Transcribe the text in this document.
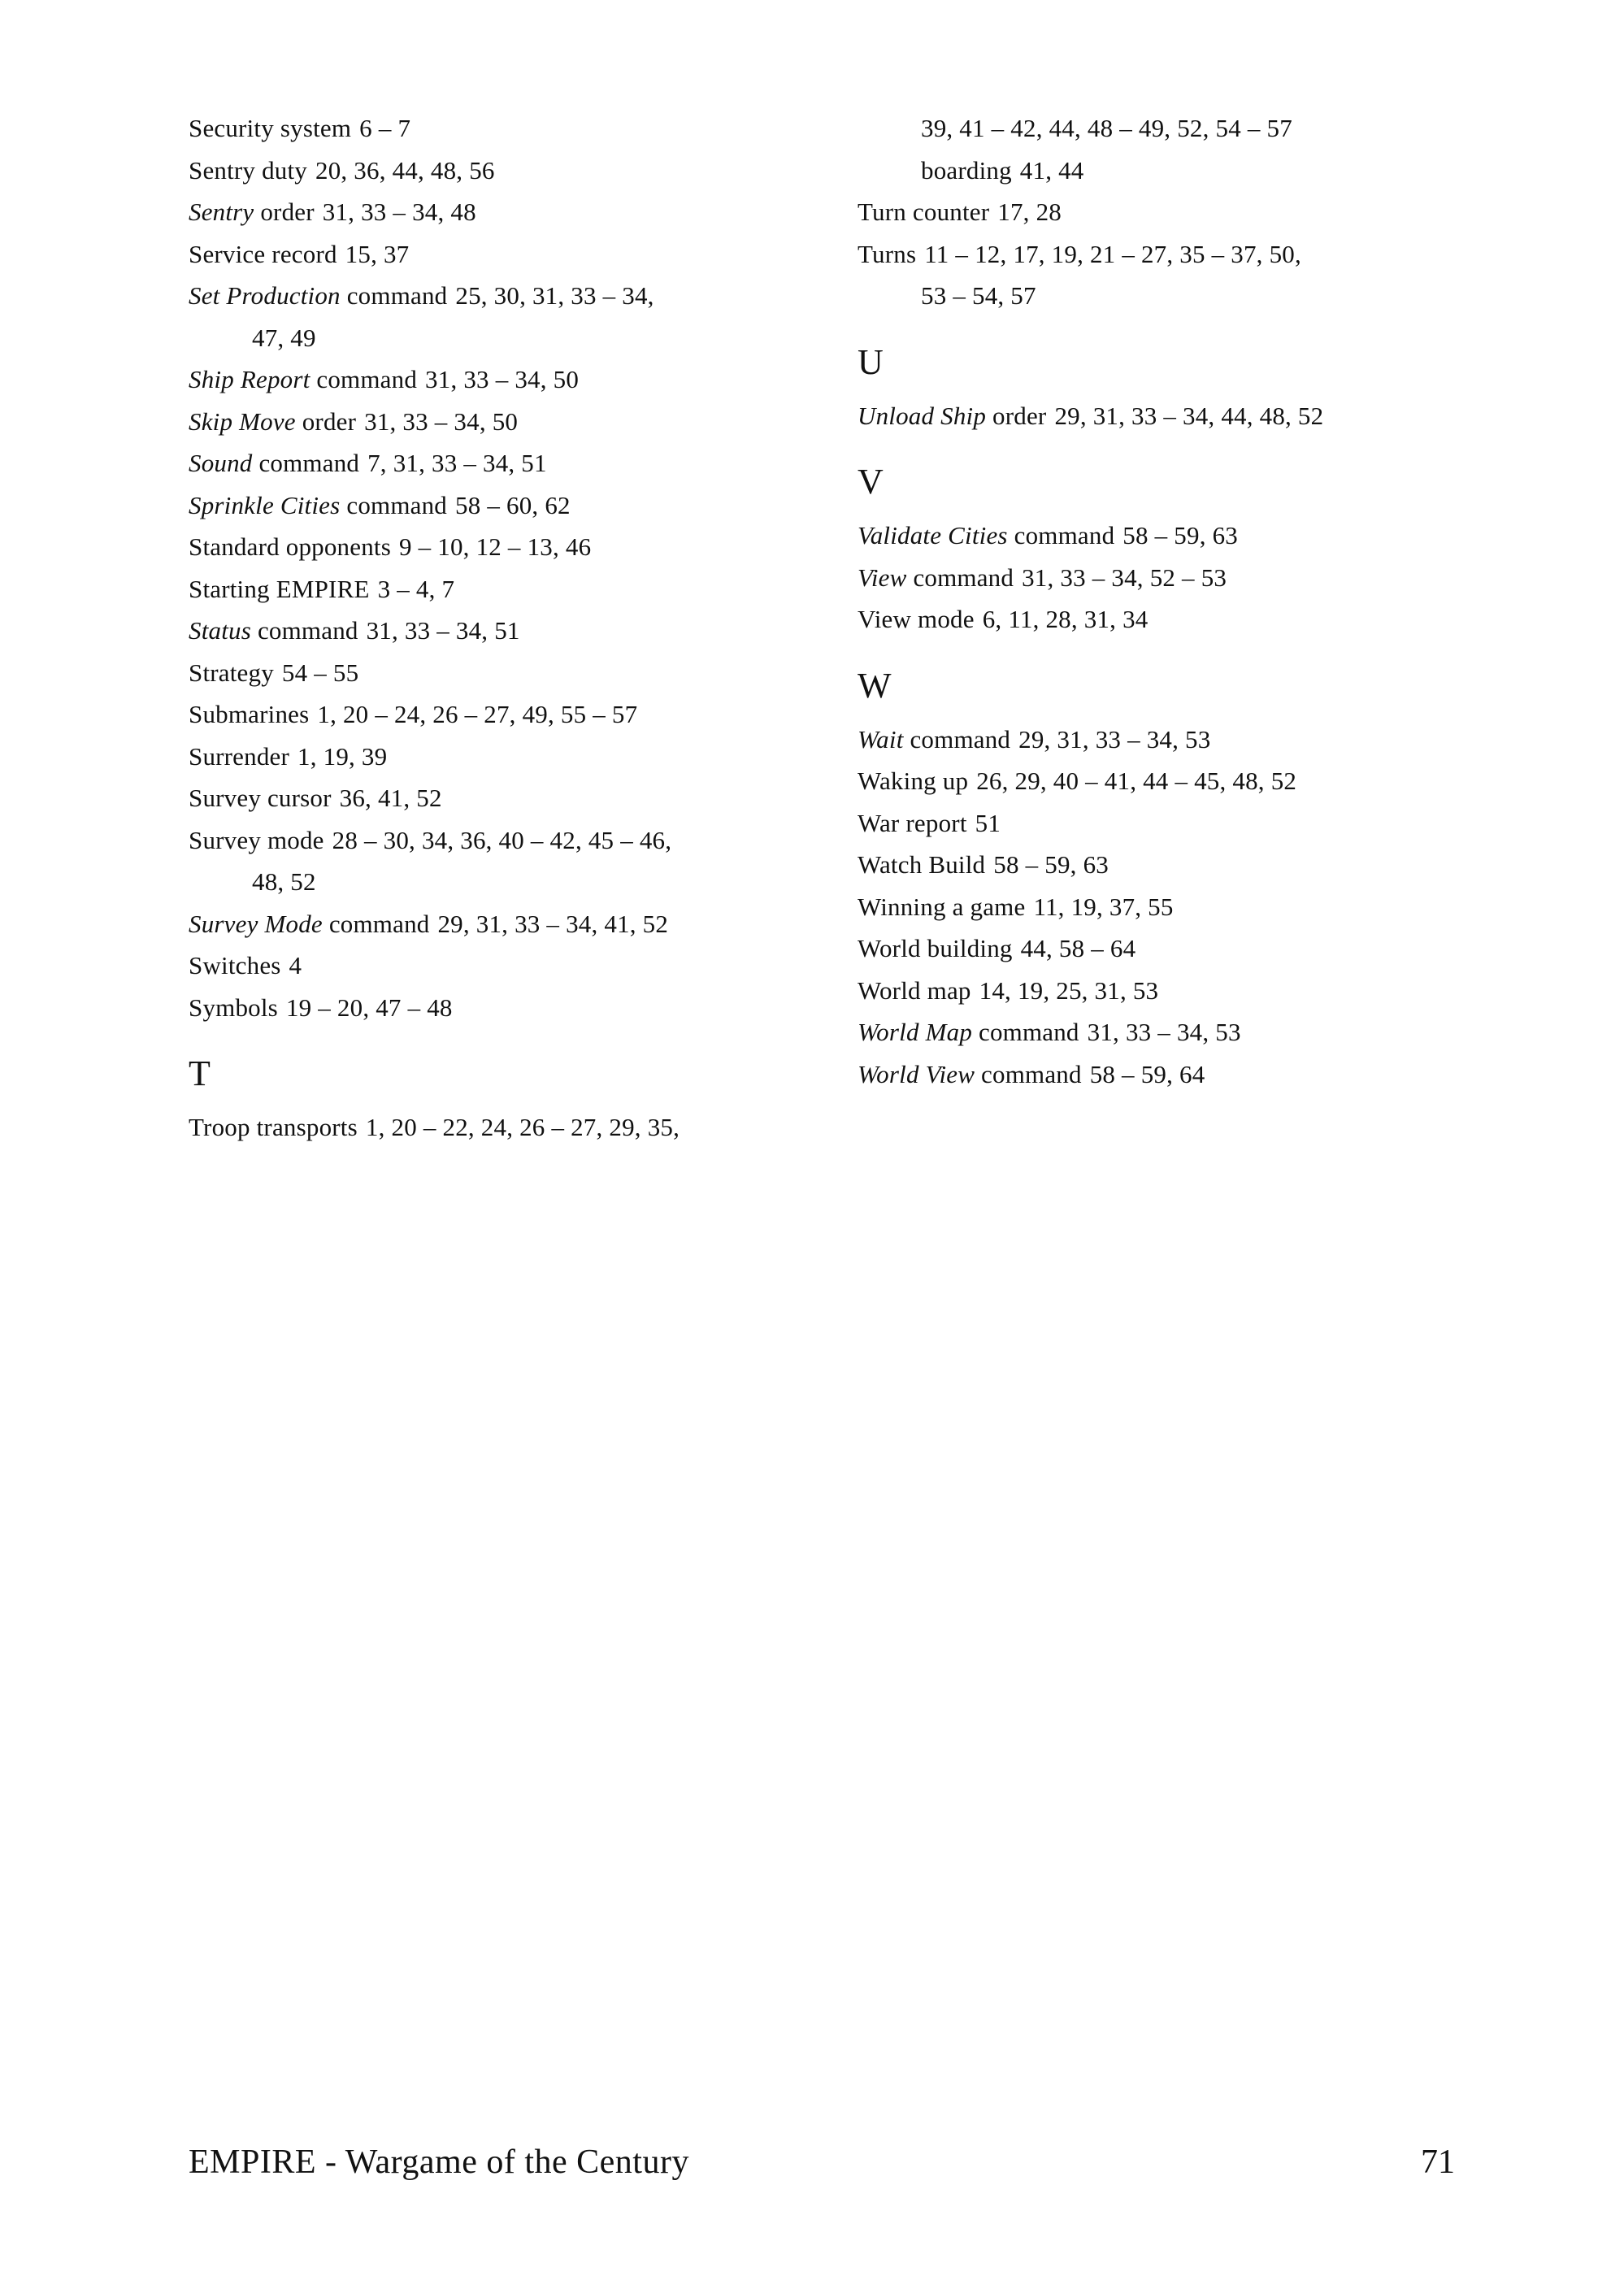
Security system 6 – 7
Sentry duty 20, 36, 44, 48, 56
Sentry order 31, 33 – 34, 48
Service record 15, 37
Set Production command 25, 30, 31, 33 – 34,
47, 49
Ship Report command 31, 33 – 34, 50
Skip Move order 31, 33 – 34, 50
Sound command 7, 31, 33 – 34, 51
Sprinkle Cities command 58 – 60, 62
Standard opponents 9 – 10, 12 – 13, 46
Starting EMPIRE 3 – 4, 7
Status command 31, 33 – 34, 51
Strategy 54 – 55
Submarines 1, 20 – 24, 26 – 27, 49, 55 – 57
Surrender 1, 19, 39
Survey cursor 36, 41, 52
Survey mode 28 – 30, 34, 36, 40 – 42, 45 – 46,
48, 52
Survey Mode command 29, 31, 33 – 34, 41, 52
Switches 4
Symbols 19 – 20, 47 – 48
T
Troop transports 1, 20 – 22, 24, 26 – 27, 29, 35,
39, 41 – 42, 44, 48 – 49, 52, 54 – 57
boarding 41, 44
Turn counter 17, 28
Turns 11 – 12, 17, 19, 21 – 27, 35 – 37, 50,
53 – 54, 57
U
Unload Ship order 29, 31, 33 – 34, 44, 48, 52
V
Validate Cities command 58 – 59, 63
View command 31, 33 – 34, 52 – 53
View mode 6, 11, 28, 31, 34
W
Wait command 29, 31, 33 – 34, 53
Waking up 26, 29, 40 – 41, 44 – 45, 48, 52
War report 51
Watch Build 58 – 59, 63
Winning a game 11, 19, 37, 55
World building 44, 58 – 64
World map 14, 19, 25, 31, 53
World Map command 31, 33 – 34, 53
World View command 58 – 59, 64
EMPIRE - Wargame of the Century	71
